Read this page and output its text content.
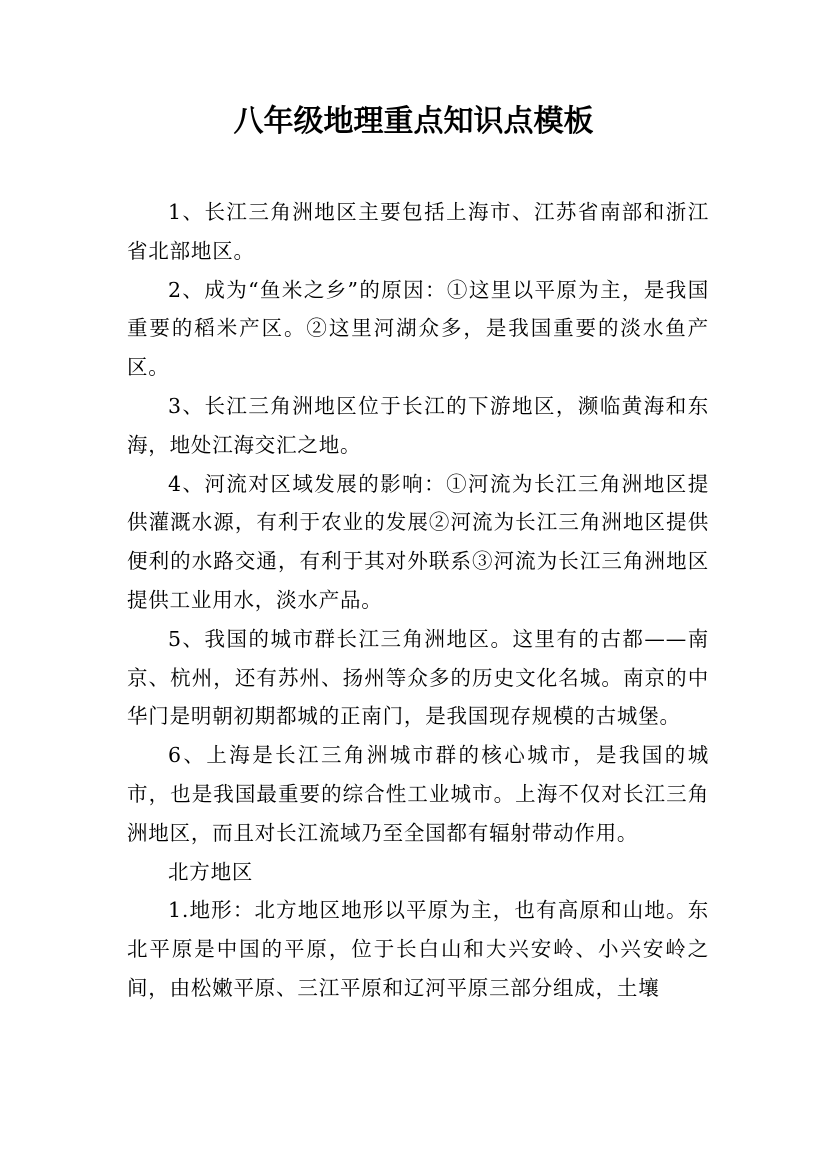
八年级地理重点知识点模板

1、长江三角洲地区主要包括上海市、江苏省南部和浙江省北部地区。

2、成为“鱼米之乡”的原因：①这里以平原为主，是我国重要的稻米产区。②这里河湖众多，是我国重要的淡水鱼产区。

3、长江三角洲地区位于长江的下游地区，濒临黄海和东海，地处江海交汇之地。

4、河流对区域发展的影响：①河流为长江三角洲地区提供灌溉水源，有利于农业的发展②河流为长江三角洲地区提供便利的水路交通，有利于其对外联系③河流为长江三角洲地区提供工业用水，淡水产品。

5、我国的城市群长江三角洲地区。这里有的古都——南京、杭州，还有苏州、扬州等众多的历史文化名城。南京的中华门是明朝初期都城的正南门，是我国现存规模的古城堡。

6、上海是长江三角洲城市群的核心城市，是我国的城市，也是我国最重要的综合性工业城市。上海不仅对长江三角洲地区，而且对长江流域乃至全国都有辐射带动作用。

北方地区

1.地形：北方地区地形以平原为主，也有高原和山地。东北平原是中国的平原，位于长白山和大兴安岭、小兴安岭之间，由松嫩平原、三江平原和辽河平原三部分组成，土壤
